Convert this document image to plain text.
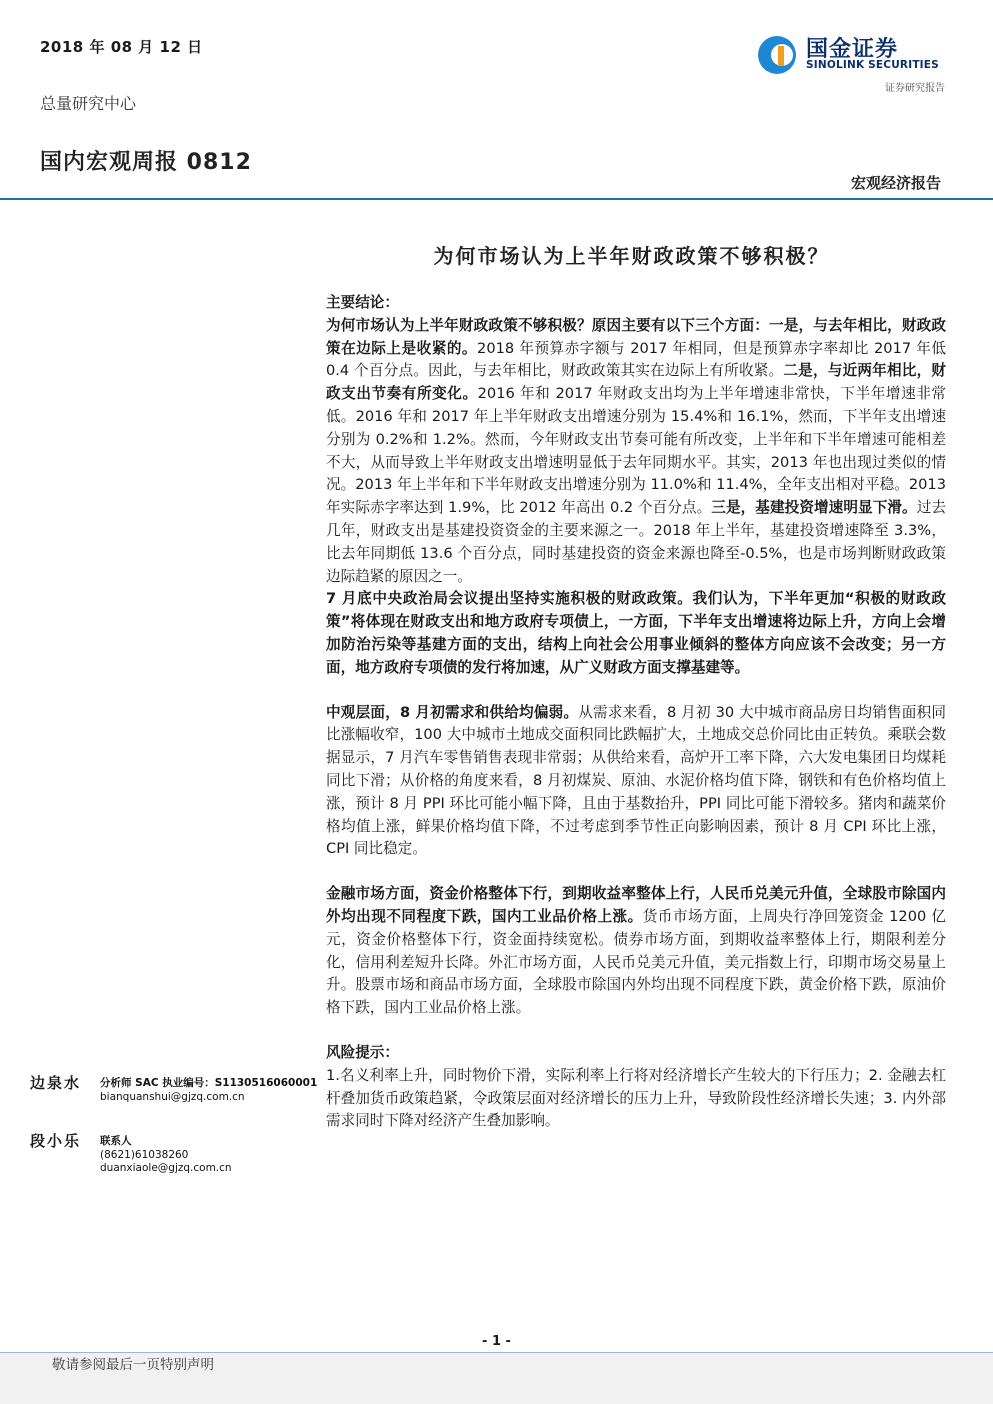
2018 年 08 月 12 日
总量研究中心
国内宏观周报 0812
国金证券
SINOLINK SECURITIES
证券研究报告
宏观经济报告
为何市场认为上半年财政政策不够积极？

主要结论：

为何市场认为上半年财政政策不够积极？原因主要有以下三个方面：一是，与去年相比，财政政策在边际上是收紧的。2018 年预算赤字额与 2017 年相同，但是预算赤字率却比 2017 年低 0.4 个百分点。因此，与去年相比，财政政策其实在边际上有所收紧。二是，与近两年相比，财政支出节奏有所变化。2016 年和 2017 年财政支出均为上半年增速非常快，下半年增速非常低。2016 年和 2017 年上半年财政支出增速分别为 15.4%和 16.1%，然而，下半年支出增速分别为 0.2%和 1.2%。然而，今年财政支出节奏可能有所改变，上半年和下半年增速可能相差不大，从而导致上半年财政支出增速明显低于去年同期水平。其实，2013 年也出现过类似的情况。2013 年上半年和下半年财政支出增速分别为 11.0%和 11.4%，全年支出相对平稳。2013 年实际赤字率达到 1.9%，比 2012 年高出 0.2 个百分点。三是，基建投资增速明显下滑。过去几年，财政支出是基建投资资金的主要来源之一。2018 年上半年，基建投资增速降至 3.3%，比去年同期低 13.6 个百分点，同时基建投资的资金来源也降至-0.5%，也是市场判断财政政策边际趋紧的原因之一。

7 月底中央政治局会议提出坚持实施积极的财政政策。我们认为，下半年更加“积极的财政政策”将体现在财政支出和地方政府专项债上，一方面，下半年支出增速将边际上升，方向上会增加防治污染等基建方面的支出，结构上向社会公用事业倾斜的整体方向应该不会改变；另一方面，地方政府专项债的发行将加速，从广义财政方面支撑基建等。

中观层面，8 月初需求和供给均偏弱。从需求来看，8 月初 30 大中城市商品房日均销售面积同比涨幅收窄，100 大中城市土地成交面积同比跌幅扩大，土地成交总价同比由正转负。乘联会数据显示，7 月汽车零售销售表现非常弱；从供给来看，高炉开工率下降，六大发电集团日均煤耗同比下滑；从价格的角度来看，8 月初煤炭、原油、水泥价格均值下降，钢铁和有色价格均值上涨，预计 8 月 PPI 环比可能小幅下降，且由于基数抬升，PPI 同比可能下滑较多。猪肉和蔬菜价格均值上涨，鲜果价格均值下降，不过考虑到季节性正向影响因素，预计 8 月 CPI 环比上涨，CPI 同比稳定。

金融市场方面，资金价格整体下行，到期收益率整体上行，人民币兑美元升值，全球股市除国内外均出现不同程度下跌，国内工业品价格上涨。货币市场方面，上周央行净回笼资金 1200 亿元，资金价格整体下行，资金面持续宽松。债券市场方面，到期收益率整体上行，期限利差分化，信用利差短升长降。外汇市场方面，人民币兑美元升值，美元指数上行，印期市场交易量上升。股票市场和商品市场方面，全球股市除国内外均出现不同程度下跌，黄金价格下跌，原油价格下跌，国内工业品价格上涨。

风险提示：

1.名义利率上升，同时物价下滑，实际利率上行将对经济增长产生较大的下行压力；2. 金融去杠杆叠加货币政策趋紧，令政策层面对经济增长的压力上升，导致阶段性经济增长失速；3. 内外部需求同时下降对经济产生叠加影响。

边泉水 分析师 SAC 执业编号：S1130516060001
bianquanshui@gjzq.com.cn
段小乐 联系人
(8621)61038260
duanxiaole@gjzq.com.cn
- 1 -
敬请参阅最后一页特别声明
